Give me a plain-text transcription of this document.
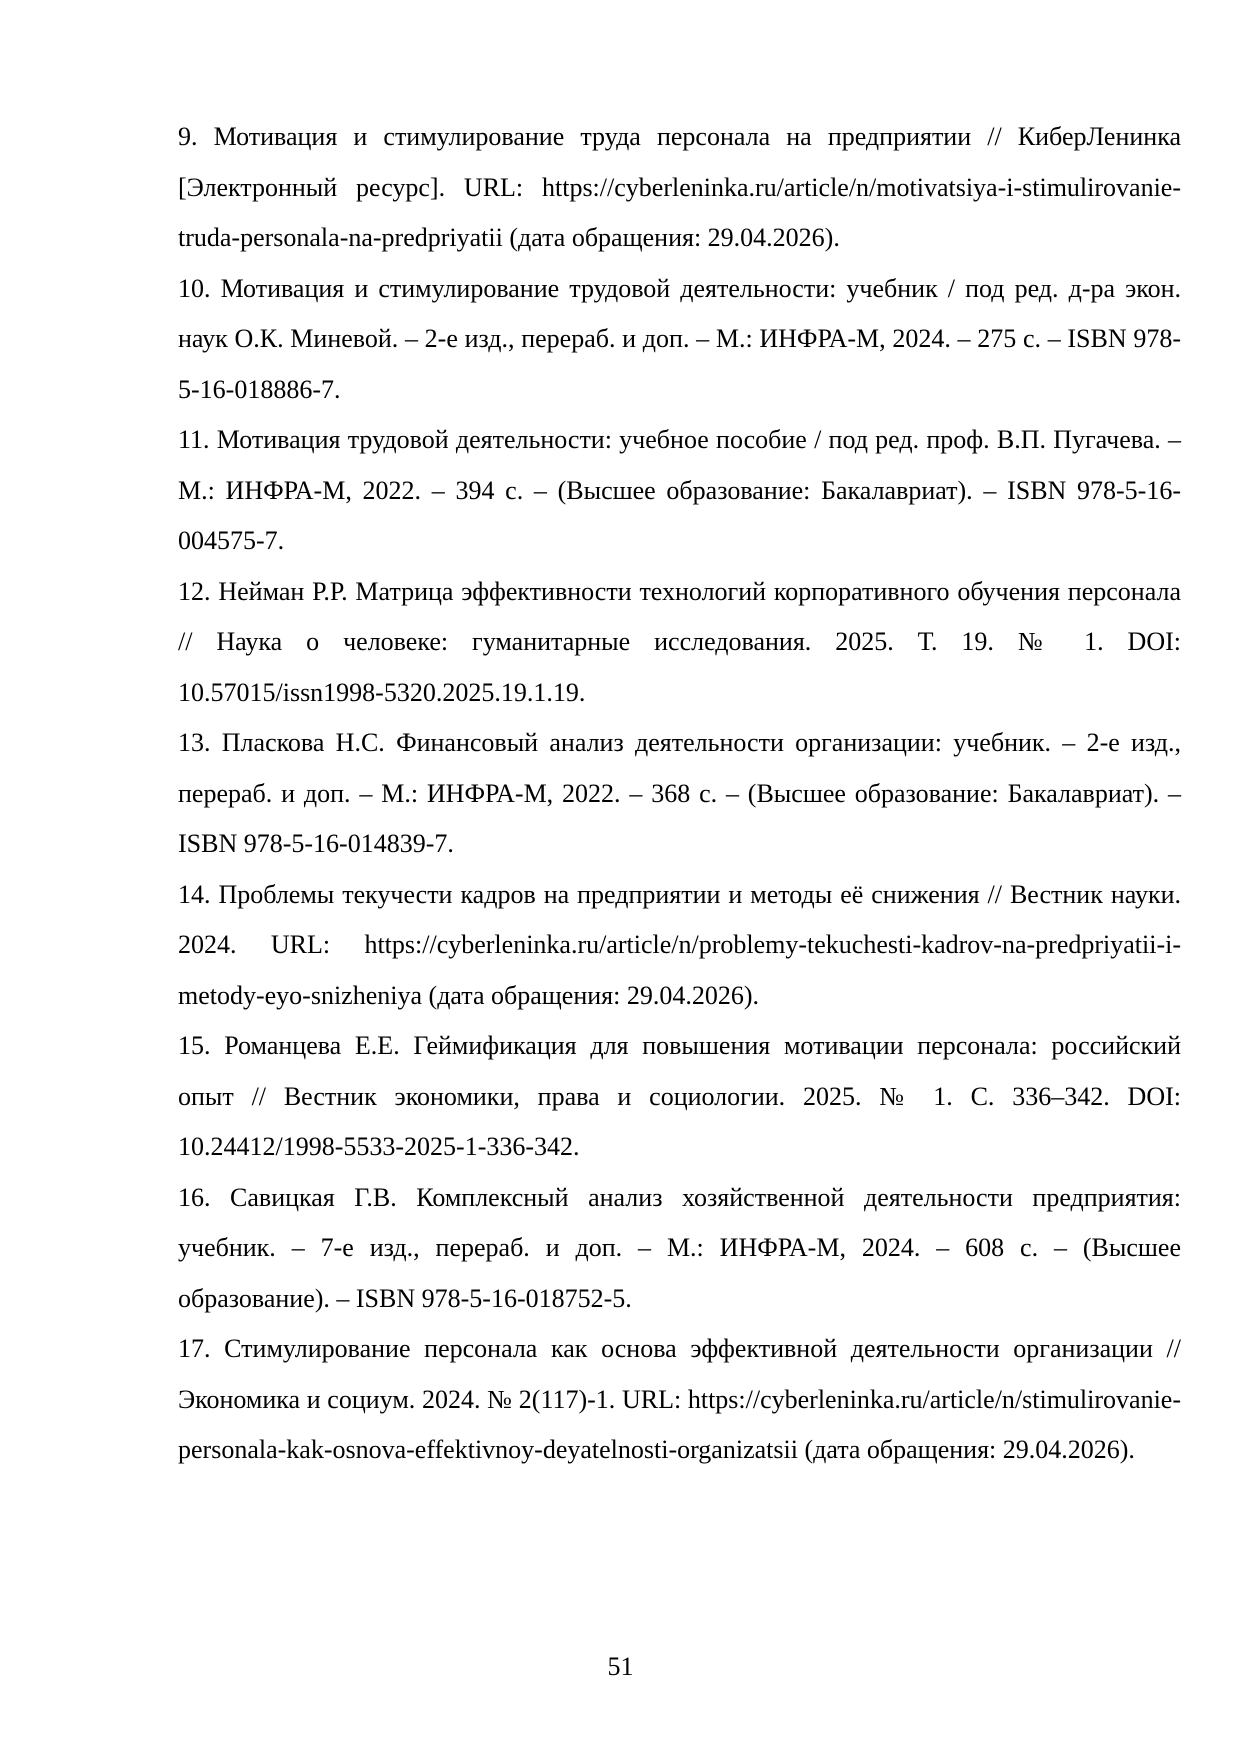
9. Мотивация и стимулирование труда персонала на предприятии // КиберЛенинка [Электронный ресурс]. URL: https://cyberleninka.ru/article/n/motivatsiya-i-stimulirovanie-truda-personala-na-predpriyatii (дата обращения: 29.04.2026).

10. Мотивация и стимулирование трудовой деятельности: учебник / под ред. д-ра экон. наук О.К. Миневой. – 2-е изд., перераб. и доп. – М.: ИНФРА-М, 2024. – 275 с. – ISBN 978-5-16-018886-7.

11. Мотивация трудовой деятельности: учебное пособие / под ред. проф. В.П. Пугачева. – М.: ИНФРА-М, 2022. – 394 с. – (Высшее образование: Бакалавриат). – ISBN 978-5-16-004575-7.

12. Нейман Р.Р. Матрица эффективности технологий корпоративного обучения персонала // Наука о человеке: гуманитарные исследования. 2025. Т. 19. № 1. DOI: 10.57015/issn1998-5320.2025.19.1.19.

13. Пласкова Н.С. Финансовый анализ деятельности организации: учебник. – 2-е изд., перераб. и доп. – М.: ИНФРА-М, 2022. – 368 с. – (Высшее образование: Бакалавриат). – ISBN 978-5-16-014839-7.

14. Проблемы текучести кадров на предприятии и методы её снижения // Вестник науки. 2024. URL: https://cyberleninka.ru/article/n/problemy-tekuchesti-kadrov-na-predpriyatii-i-metody-eyo-snizheniya (дата обращения: 29.04.2026).

15. Романцева Е.Е. Геймификация для повышения мотивации персонала: российский опыт // Вестник экономики, права и социологии. 2025. № 1. С. 336–342. DOI: 10.24412/1998-5533-2025-1-336-342.

16. Савицкая Г.В. Комплексный анализ хозяйственной деятельности предприятия: учебник. – 7-е изд., перераб. и доп. – М.: ИНФРА-М, 2024. – 608 с. – (Высшее образование). – ISBN 978-5-16-018752-5.

17. Стимулирование персонала как основа эффективной деятельности организации // Экономика и социум. 2024. № 2(117)-1. URL: https://cyberleninka.ru/article/n/stimulirovanie-personala-kak-osnova-effektivnoy-deyatelnosti-organizatsii (дата обращения: 29.04.2026).

51
